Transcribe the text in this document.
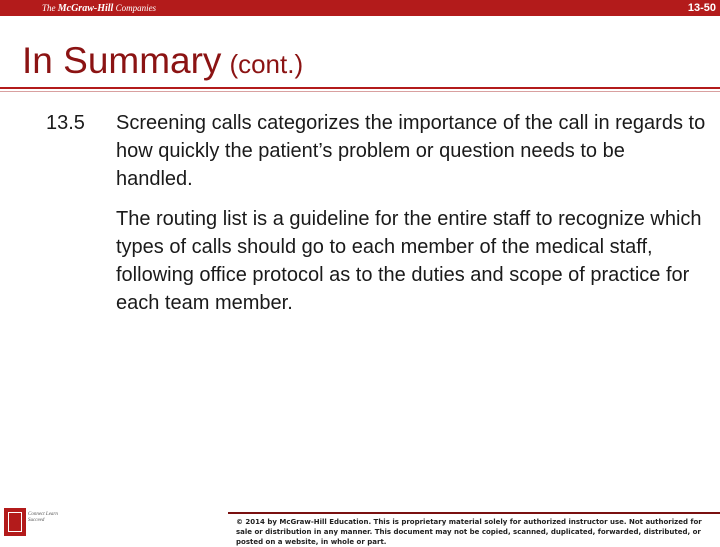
The McGraw-Hill Companies	13-50
In Summary (cont.)
13.5 Screening calls categorizes the importance of the call in regards to how quickly the patient’s problem or question needs to be handled.

The routing list is a guideline for the entire staff to recognize which types of calls should go to each member of the medical staff, following office protocol as to the duties and scope of practice for each team member.

Connect Learn Succeed	© 2014 by McGraw-Hill Education. This is proprietary material solely for authorized instructor use. Not authorized for sale or distribution in any manner. This document may not be copied, scanned, duplicated, forwarded, distributed, or posted on a website, in whole or part.
